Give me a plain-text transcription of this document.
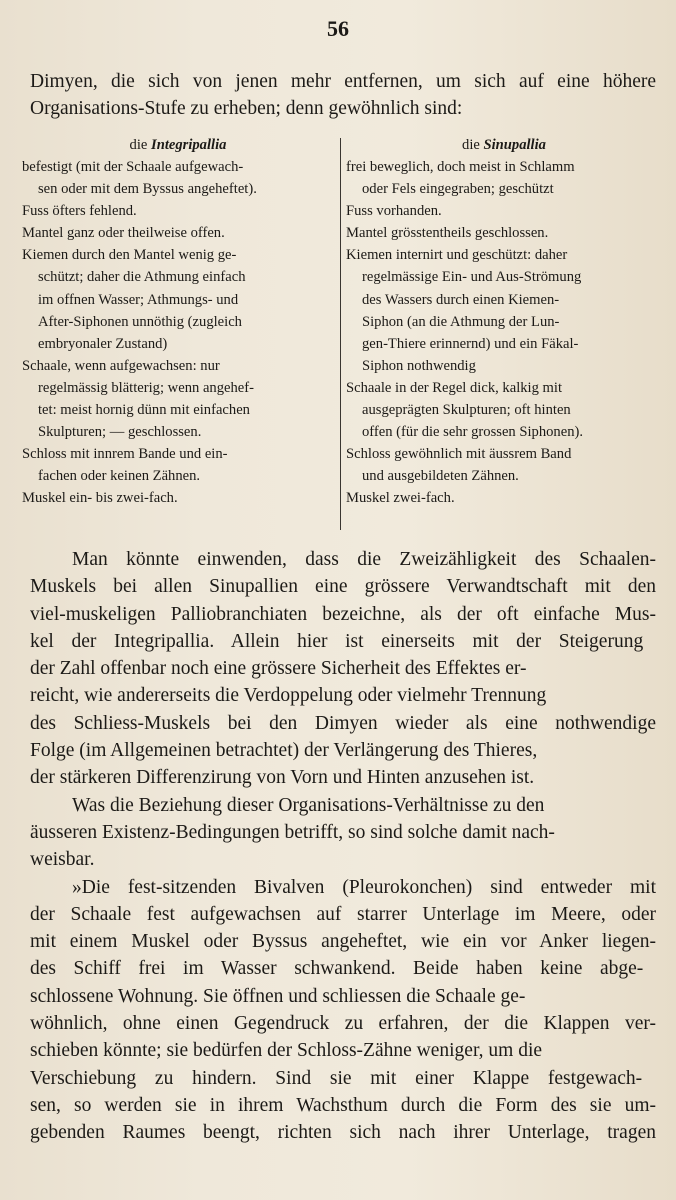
56
Dimyen, die sich von jenen mehr entfernen, um sich auf eine höhere
Organisations-Stufe zu erheben; denn gewöhnlich sind:
die Integripallia
befestigt (mit der Schaale aufgewach-
sen oder mit dem Byssus angeheftet).
Fuss öfters fehlend.
Mantel ganz oder theilweise offen.
Kiemen durch den Mantel wenig ge-
schützt; daher die Athmung einfach
im offnen Wasser; Athmungs- und
After-Siphonen unnöthig (zugleich
embryonaler Zustand)
Schaale, wenn aufgewachsen: nur
regelmässig blätterig; wenn angehef-
tet: meist hornig dünn mit einfachen
Skulpturen; — geschlossen.
Schloss mit innrem Bande und ein-
fachen oder keinen Zähnen.
Muskel ein- bis zwei-fach.
die Sinupallia
frei beweglich, doch meist in Schlamm
oder Fels eingegraben; geschützt
Fuss vorhanden.
Mantel grösstentheils geschlossen.
Kiemen internirt und geschützt: daher
regelmässige Ein- und Aus-Strömung
des Wassers durch einen Kiemen-
Siphon (an die Athmung der Lun-
gen-Thiere erinnernd) und ein Fäkal-
Siphon nothwendig
Schaale in der Regel dick, kalkig mit
ausgeprägten Skulpturen; oft hinten
offen (für die sehr grossen Siphonen).
Schloss gewöhnlich mit äussrem Band
und ausgebildeten Zähnen.
Muskel zwei-fach.
Man könnte einwenden, dass die Zweizähligkeit des Schaalen-
Muskels bei allen Sinupallien eine grössere Verwandtschaft mit den
viel-muskeligen Palliobranchiaten bezeichne, als der oft einfache Mus-
kel der Integripallia. Allein hier ist einerseits mit der Steigerung
der Zahl offenbar noch eine grössere Sicherheit des Effektes er-
reicht, wie andererseits die Verdoppelung oder vielmehr Trennung
des Schliess-Muskels bei den Dimyen wieder als eine nothwendige
Folge (im Allgemeinen betrachtet) der Verlängerung des Thieres,
der stärkeren Differenzirung von Vorn und Hinten anzusehen ist.
Was die Beziehung dieser Organisations-Verhältnisse zu den
äusseren Existenz-Bedingungen betrifft, so sind solche damit nach-
weisbar.
»Die fest-sitzenden Bivalven (Pleurokonchen) sind entweder mit
der Schaale fest aufgewachsen auf starrer Unterlage im Meere, oder
mit einem Muskel oder Byssus angeheftet, wie ein vor Anker liegen-
des Schiff frei im Wasser schwankend. Beide haben keine abge-
schlossene Wohnung. Sie öffnen und schliessen die Schaale ge-
wöhnlich, ohne einen Gegendruck zu erfahren, der die Klappen ver-
schieben könnte; sie bedürfen der Schloss-Zähne weniger, um die
Verschiebung zu hindern. Sind sie mit einer Klappe festgewach-
sen, so werden sie in ihrem Wachsthum durch die Form des sie um-
gebenden Raumes beengt, richten sich nach ihrer Unterlage, tragen
